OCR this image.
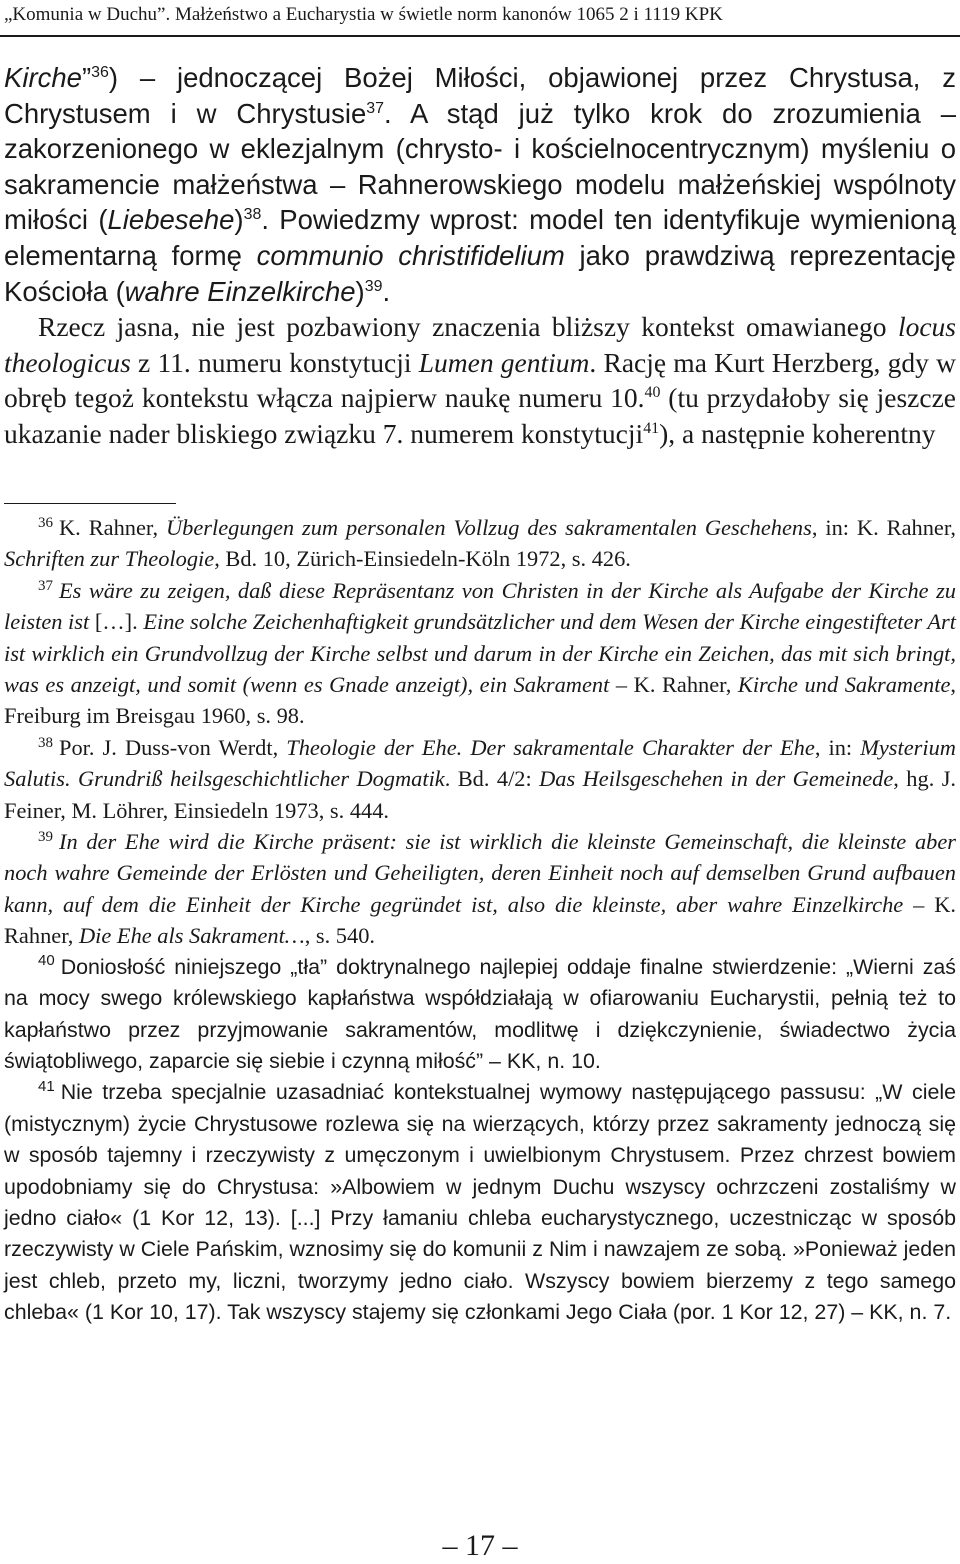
„Komunia w Duchu”. Małżeństwo a Eucharystia w świetle norm kanonów 1065 2 i 1119 KPK

Kirche”$^{36}$) – jednoczącej Bożej Miłości, objawionej przez Chrystusa, z Chrystusem i w Chrystusie$^{37}$. A stąd już tylko krok do zrozumienia – zakorzenionego w eklezjalnym (chrysto- i kościelnocentrycznym) myśleniu o sakramencie małżeństwa – Rahnerowskiego modelu małżeńskiej wspólnoty miłości (Liebesehe)$^{38}$. Powiedzmy wprost: model ten identyfikuje wymienioną elementarną formę communio christifidelium jako prawdziwą reprezentację Kościoła (wahre Einzelkirche)$^{39}$.

Rzecz jasna, nie jest pozbawiony znaczenia bliższy kontekst omawianego locus theologicus z 11. numeru konstytucji Lumen gentium. Rację ma Kurt Herzberg, gdy w obręb tegoż kontekstu włącza najpierw naukę numeru 10.40 (tu przydałoby się jeszcze ukazanie nader bliskiego związku 7. numerem konstytucji$^{41}$), a następnie koherentny

$^{36}$ K. Rahner, Überlegungen zum personalen Vollzug des sakramentalen Geschehens, in: K. Rahner, Schriften zur Theologie, Bd. 10, Zürich-Einsiedeln-Köln 1972, s. 426.

$^{37}$ Es wäre zu zeigen, daß diese Repräsentanz von Christen in der Kirche als Aufgabe der Kirche zu leisten ist […]. Eine solche Zeichenhaftigkeit grundsätzlicher und dem Wesen der Kirche eingestifteter Art ist wirklich ein Grundvollzug der Kirche selbst und darum in der Kirche ein Zeichen, das mit sich bringt, was es anzeigt, und somit (wenn es Gnade anzeigt), ein Sakrament – K. Rahner, Kirche und Sakramente, Freiburg im Breisgau 1960, s. 98.

$^{38}$ Por. J. Duss-von Werdt, Theologie der Ehe. Der sakramentale Charakter der Ehe, in: Mysterium Salutis. Grundriß heilsgeschichtlicher Dogmatik. Bd. 4/2: Das Heilsgeschehen in der Gemeinede, hg. J. Feiner, M. Löhrer, Einsiedeln 1973, s. 444.

$^{39}$ In der Ehe wird die Kirche präsent: sie ist wirklich die kleinste Gemeinschaft, die kleinste aber noch wahre Gemeinde der Erlösten und Geheiligten, deren Einheit noch auf demselben Grund aufbauen kann, auf dem die Einheit der Kirche gegründet ist, also die kleinste, aber wahre Einzelkirche – K. Rahner, Die Ehe als Sakrament…, s. 540.

$^{40}$ Doniosłość niniejszego „tła” doktrynalnego najlepiej oddaje finalne stwierdzenie: „Wierni zaś na mocy swego królewskiego kapłaństwa współdziałają w ofiarowaniu Eucharystii, pełnią też to kapłaństwo przez przyjmowanie sakramentów, modlitwę i dziękczynienie, świadectwo życia świątobliwego, zaparcie się siebie i czynną miłość” – KK, n. 10.

$^{41}$ Nie trzeba specjalnie uzasadniać kontekstualnej wymowy następującego passusu: „W ciele (mistycznym) życie Chrystusowe rozlewa się na wierzących, którzy przez sakramenty jednoczą się w sposób tajemny i rzeczywisty z umęczonym i uwielbionym Chrystusem. Przez chrzest bowiem upodobniamy się do Chrystusa: »Albowiem w jednym Duchu wszyscy ochrzczeni zostaliśmy w jedno ciało« (1 Kor 12, 13). [...] Przy łamaniu chleba eucharystycznego, uczestnicząc w sposób rzeczywisty w Ciele Pańskim, wznosimy się do komunii z Nim i nawzajem ze sobą. »Ponieważ jeden jest chleb, przeto my, liczni, tworzymy jedno ciało. Wszyscy bowiem bierzemy z tego samego chleba« (1 Kor 10, 17). Tak wszyscy stajemy się członkami Jego Ciała (por. 1 Kor 12, 27) – KK, n. 7.

– 17 –
